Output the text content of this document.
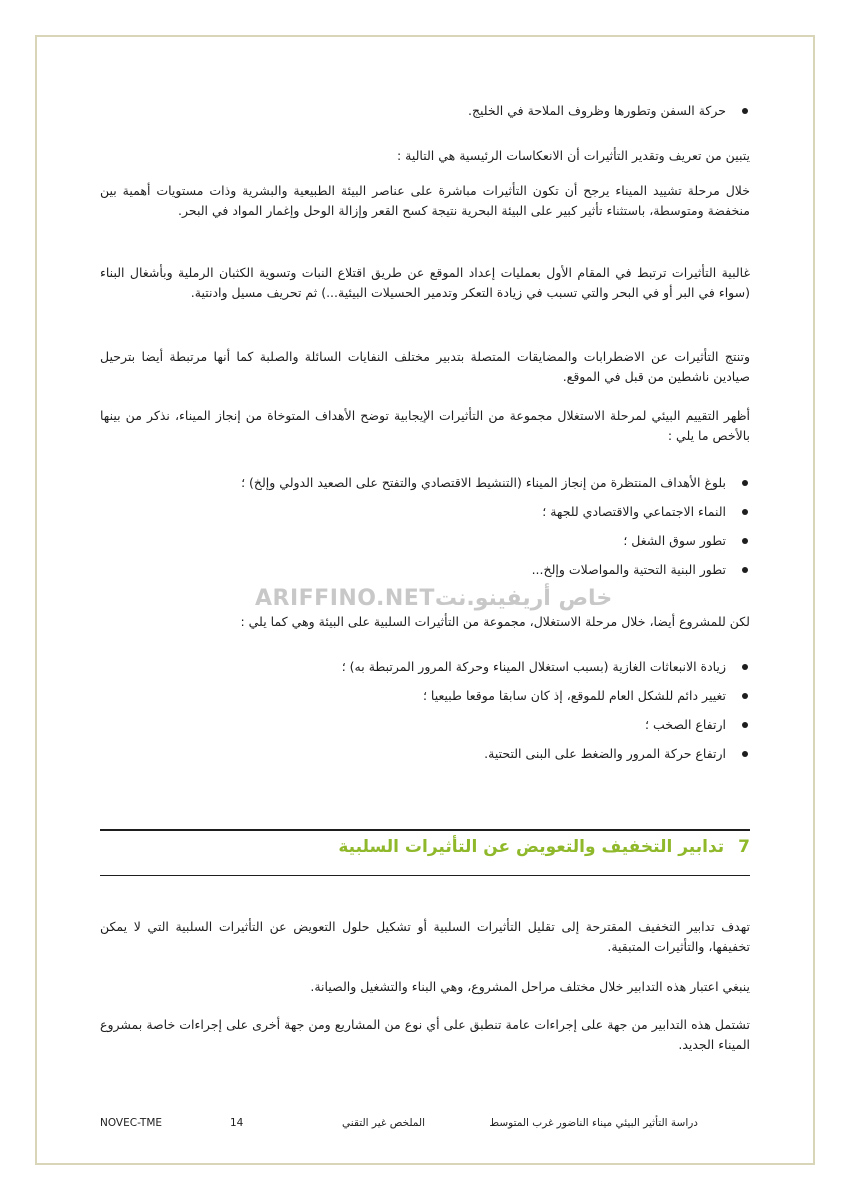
حركة السفن وتطورها وظروف الملاحة في الخليج.

يتبين من تعريف وتقدير التأثيرات أن الانعكاسات الرئيسية هي التالية :

خلال مرحلة تشييد الميناء يرجح أن تكون التأثيرات مباشرة على عناصر البيئة الطبيعية والبشرية وذات مستويات أهمية بين منخفضة ومتوسطة، باستثناء تأثير كبير على البيئة البحرية نتيجة كسح القعر وإزالة الوحل وإغمار المواد في البحر.

غالبية التأثيرات ترتبط في المقام الأول بعمليات إعداد الموقع عن طريق اقتلاع النبات وتسوية الكثبان الرملية وبأشغال البناء (سواء في البر أو في البحر والتي تسبب في زيادة التعكر وتدمير الحسيلات البيئية...) ثم تحريف مسيل وادنتية.

وتنتج التأثيرات عن الاضطرابات والمضايقات المتصلة بتدبير مختلف النفايات السائلة والصلبة كما أنها مرتبطة أيضا بترحيل صيادين ناشطين من قبل في الموقع.

أظهر التقييم البيئي لمرحلة الاستغلال مجموعة من التأثيرات الإيجابية توضح الأهداف المتوخاة من إنجاز الميناء، نذكر من بينها بالأخص ما يلي :

بلوغ الأهداف المنتظرة من إنجاز الميناء (التنشيط الاقتصادي والتفتح على الصعيد الدولي وإلخ) ؛
النماء الاجتماعي والاقتصادي للجهة ؛
تطور سوق الشغل ؛
تطور البنية التحتية والمواصلات وإلخ...
ARIFFINO.NETخاص أريفينو.نت

لكن للمشروع أيضا، خلال مرحلة الاستغلال، مجموعة من التأثيرات السلبية على البيئة وهي كما يلي :

زيادة الانبعاثات الغازية (بسبب استغلال الميناء وحركة المرور المرتبطة به) ؛
تغيير دائم للشكل العام للموقع، إذ كان سابقا موقعا طبيعيا ؛
ارتفاع الصخب ؛
ارتفاع حركة المرور والضغط على البنى التحتية.
7تدابير التخفيف والتعويض عن التأثيرات السلبية

تهدف تدابير التخفيف المقترحة إلى تقليل التأثيرات السلبية أو تشكيل حلول التعويض عن التأثيرات السلبية التي لا يمكن تخفيفها، والتأثيرات المتبقية.

ينبغي اعتبار هذه التدابير خلال مختلف مراحل المشروع، وهي البناء والتشغيل والصيانة.

تشتمل هذه التدابير من جهة على إجراءات عامة تنطبق على أي نوع من المشاريع ومن جهة أخرى على إجراءات خاصة بمشروع الميناء الجديد.

دراسة التأثير البيئي ميناء الناضور غرب المتوسط
الملخص غير التقني
14
NOVEC-TME
